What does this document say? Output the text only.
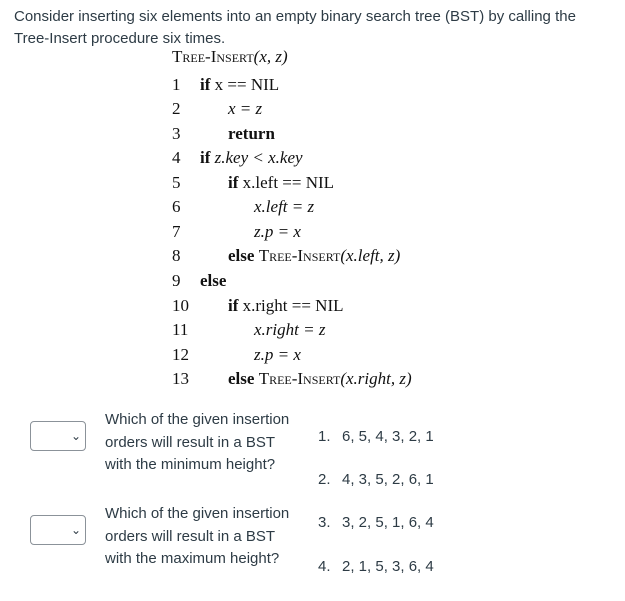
Consider inserting six elements into an empty binary search tree (BST) by calling the Tree-Insert procedure six times.
Tree-Insert(x, z)
1 if x == NIL
2	x = z
3	return
4 if z.key < x.key
5	if x.left == NIL
6	x.left = z
7	z.p = x
8	else Tree-Insert(x.left, z)
9 else
10 if x.right == NIL
11	x.right = z
12	z.p = x
13 else Tree-Insert(x.right, z)
⌄
Which of the given insertion orders will result in a BST with the minimum height?
⌄
Which of the given insertion orders will result in a BST with the maximum height?
1. 6, 5, 4, 3, 2, 1
2. 4, 3, 5, 2, 6, 1
3. 3, 2, 5, 1, 6, 4
4. 2, 1, 5, 3, 6, 4
